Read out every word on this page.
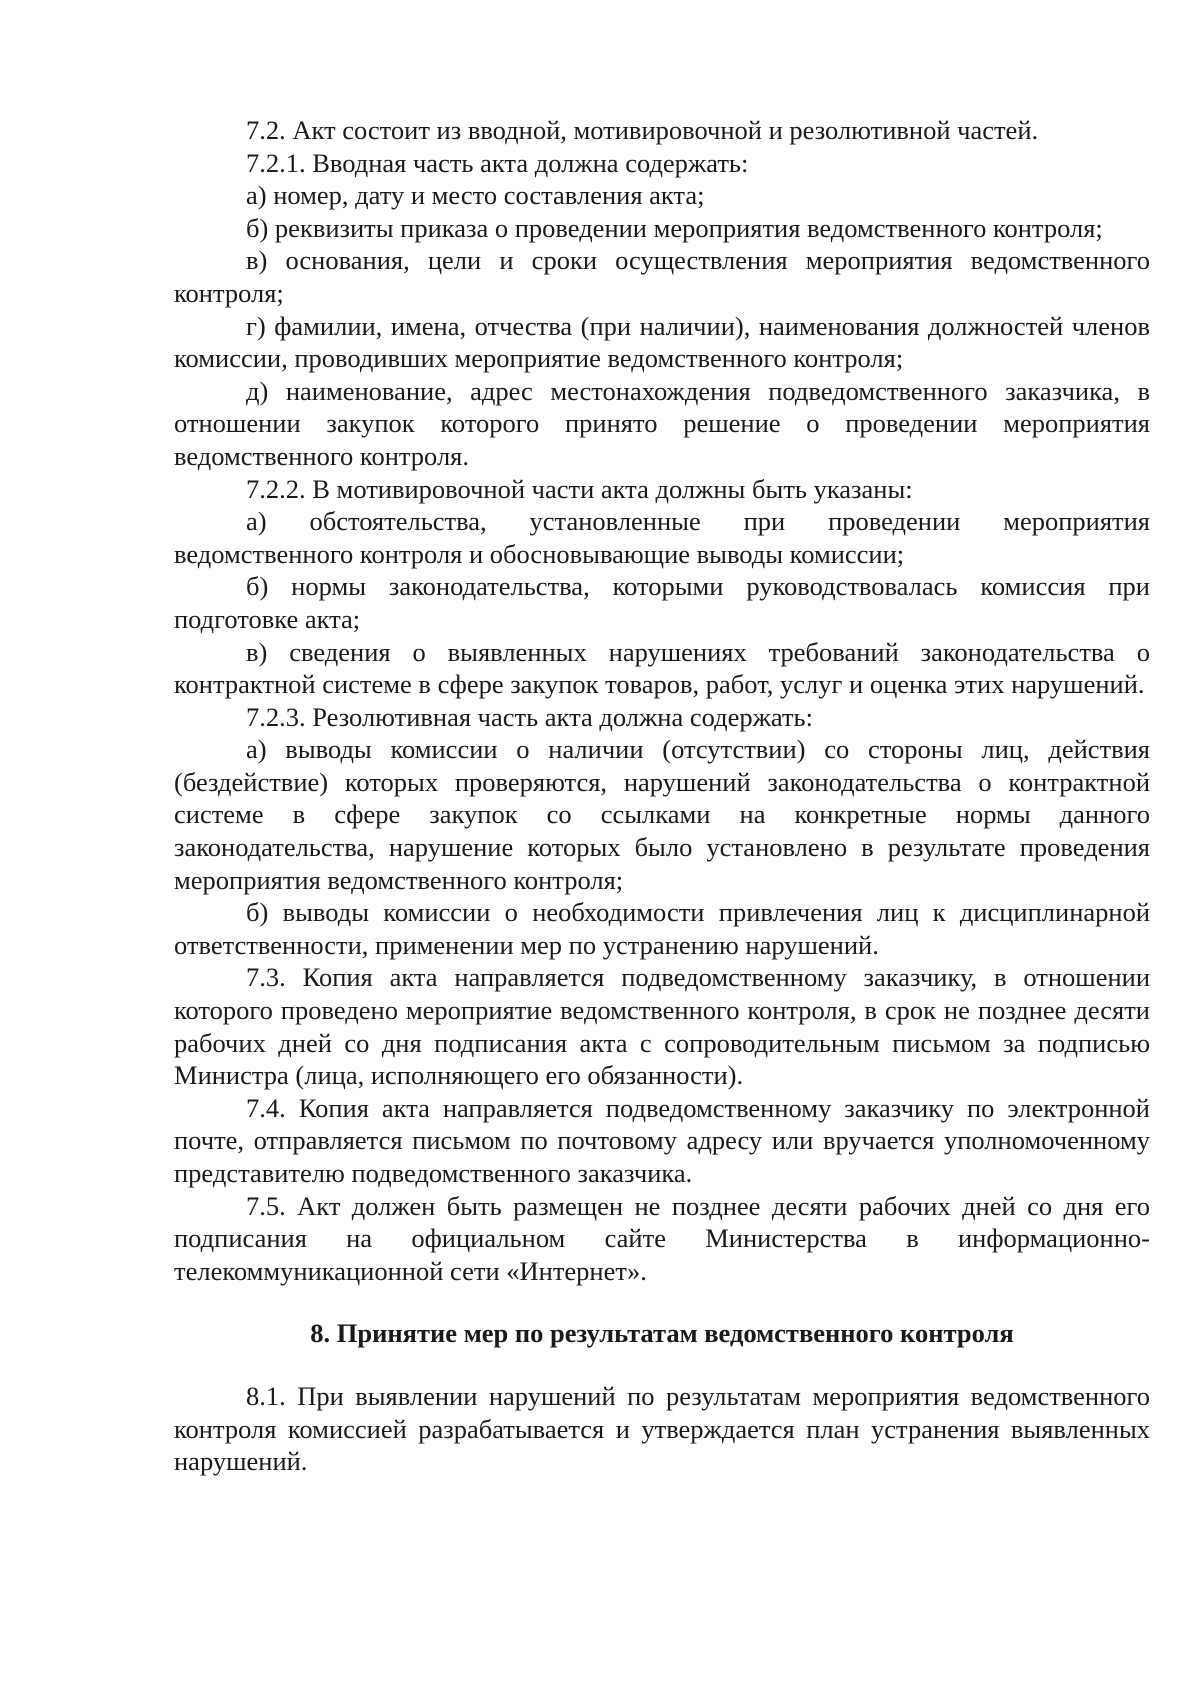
7.2. Акт состоит из вводной, мотивировочной и резолютивной частей.

7.2.1. Вводная часть акта должна содержать:

а) номер, дату и место составления акта;

б) реквизиты приказа о проведении мероприятия ведомственного контроля;

в) основания, цели и сроки осуществления мероприятия ведомственного контроля;

г) фамилии, имена, отчества (при наличии), наименования должностей членов комиссии, проводивших мероприятие ведомственного контроля;

д) наименование, адрес местонахождения подведомственного заказчика, в отношении закупок которого принято решение о проведении мероприятия ведомственного контроля.

7.2.2. В мотивировочной части акта должны быть указаны:

а) обстоятельства, установленные при проведении мероприятия ведомственного контроля и обосновывающие выводы комиссии;

б) нормы законодательства, которыми руководствовалась комиссия при подготовке акта;

в) сведения о выявленных нарушениях требований законодательства о контрактной системе в сфере закупок товаров, работ, услуг и оценка этих нарушений.

7.2.3. Резолютивная часть акта должна содержать:

а) выводы комиссии о наличии (отсутствии) со стороны лиц, действия (бездействие) которых проверяются, нарушений законодательства о контрактной системе в сфере закупок со ссылками на конкретные нормы данного законодательства, нарушение которых было установлено в результате проведения мероприятия ведомственного контроля;

б) выводы комиссии о необходимости привлечения лиц к дисциплинарной ответственности, применении мер по устранению нарушений.

7.3. Копия акта направляется подведомственному заказчику, в отношении которого проведено мероприятие ведомственного контроля, в срок не позднее десяти рабочих дней со дня подписания акта с сопроводительным письмом за подписью Министра (лица, исполняющего его обязанности).

7.4. Копия акта направляется подведомственному заказчику по электронной почте, отправляется письмом по почтовому адресу или вручается уполномоченному представителю подведомственного заказчика.

7.5. Акт должен быть размещен не позднее десяти рабочих дней со дня его подписания на официальном сайте Министерства в информационно-телекоммуникационной сети «Интернет».

8. Принятие мер по результатам ведомственного контроля

8.1. При выявлении нарушений по результатам мероприятия ведомственного контроля комиссией разрабатывается и утверждается план устранения выявленных нарушений.
